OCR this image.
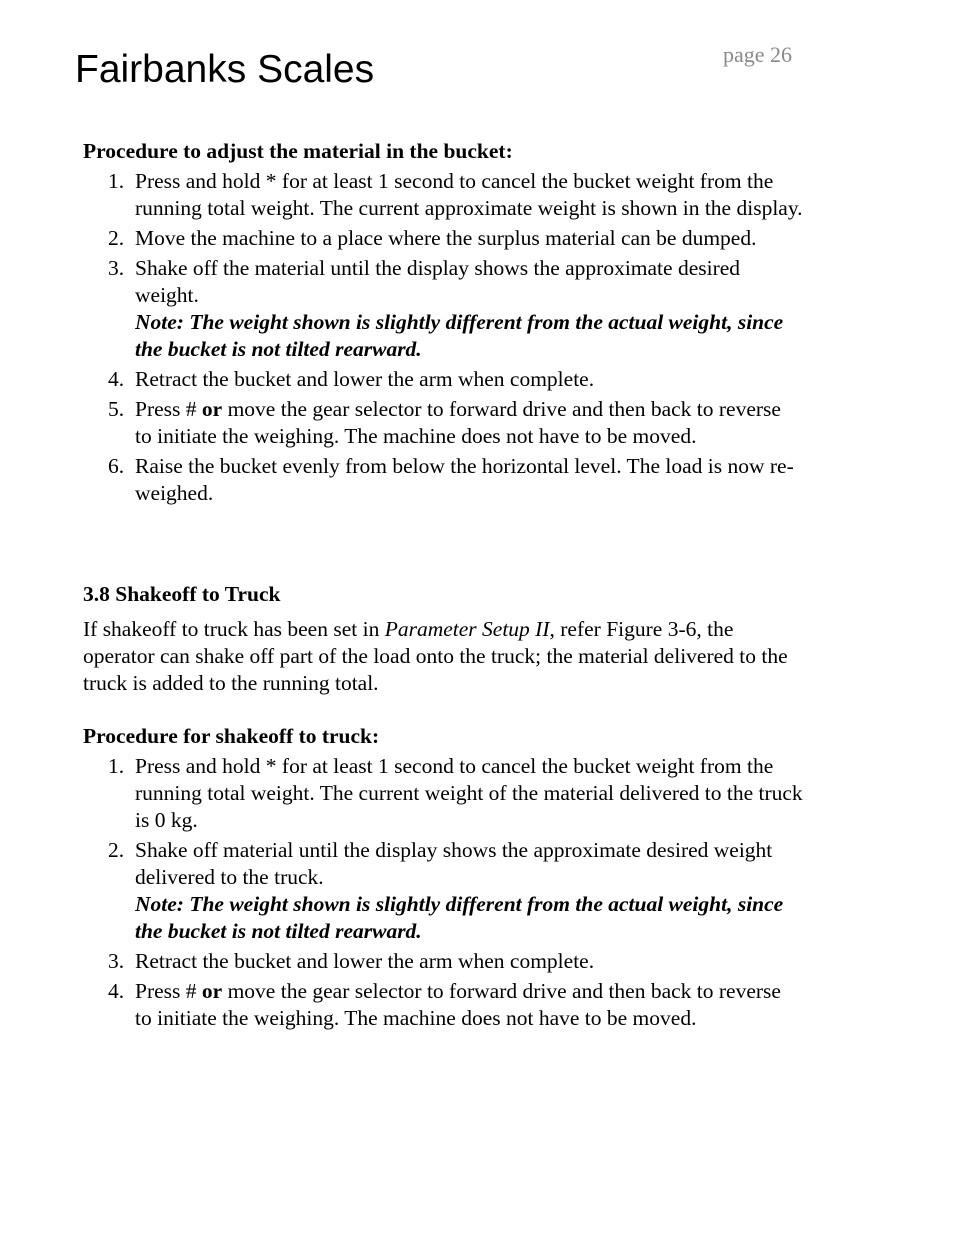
Fairbanks Scales	page 26

Procedure to adjust the material in the bucket:

1. Press and hold * for at least 1 second to cancel the bucket weight from the running total weight. The current approximate weight is shown in the display.
2. Move the machine to a place where the surplus material can be dumped.
3. Shake off the material until the display shows the approximate desired weight.
Note: The weight shown is slightly different from the actual weight, since the bucket is not tilted rearward.
4. Retract the bucket and lower the arm when complete.
5. Press # or move the gear selector to forward drive and then back to reverse to initiate the weighing. The machine does not have to be moved.
6. Raise the bucket evenly from below the horizontal level. The load is now re-weighed.

3.8 Shakeoff to Truck

If shakeoff to truck has been set in Parameter Setup II, refer Figure 3-6, the operator can shake off part of the load onto the truck; the material delivered to the truck is added to the running total.

Procedure for shakeoff to truck:

1. Press and hold * for at least 1 second to cancel the bucket weight from the running total weight. The current weight of the material delivered to the truck is 0 kg.
2. Shake off material until the display shows the approximate desired weight delivered to the truck.
Note: The weight shown is slightly different from the actual weight, since the bucket is not tilted rearward.
3. Retract the bucket and lower the arm when complete.
4. Press # or move the gear selector to forward drive and then back to reverse to initiate the weighing. The machine does not have to be moved.
